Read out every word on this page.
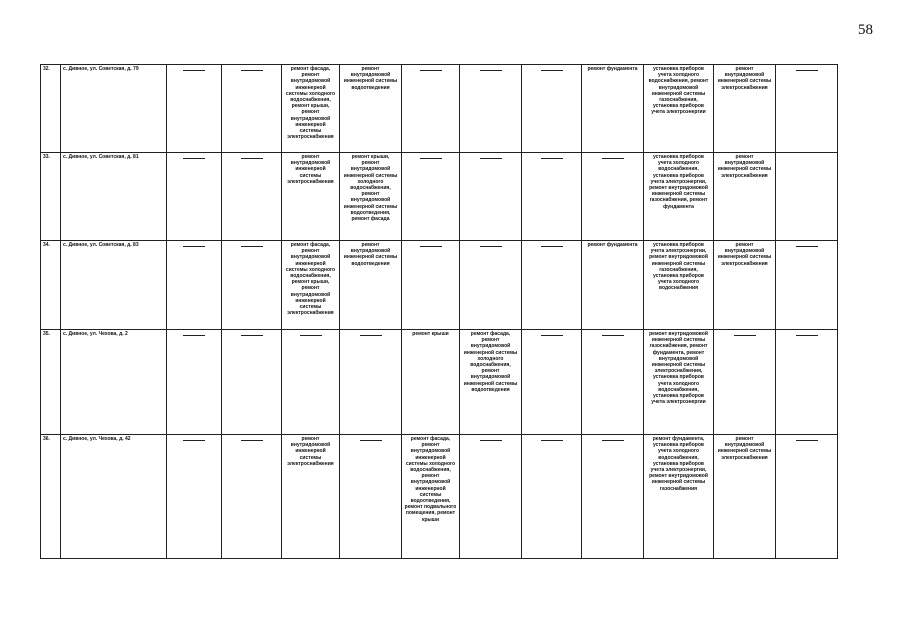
58
32.	с. Дивное, ул. Советская, д. 79			ремонт фасада, ремонт внутридомовой инженерной системы холодного водоснабжения, ремонт крыши, ремонт внутридомовой инженерной системы электроснабжения	ремонт внутридомовой инженерной системы водоотведения				ремонт фундамента	установка приборов учета холодного водоснабжения, ремонт внутридомовой инженерной системы газоснабжения, установка приборов учета электроэнергии	ремонт внутридомовой инженерной системы электроснабжения	

33.	с. Дивное, ул. Советская, д. 81			ремонт внутридомовой инженерной системы электроснабжения	ремонт крыши, ремонт внутридомовой инженерной системы холодного водоснабжения, ремонт внутридомовой инженерной системы водоотведения, ремонт фасада					установка приборов учета холодного водоснабжения, установка приборов учета электроэнергии, ремонт внутридомовой инженерной системы газоснабжения, ремонт фундамента	ремонт внутридомовой инженерной системы электроснабжения	
34.	с. Дивное, ул. Советская, д. 83			ремонт фасада, ремонт внутридомовой инженерной системы холодного водоснабжения, ремонт крыши, ремонт внутридомовой инженерной системы электроснабжения	ремонт внутридомовой инженерной системы водоотведения				ремонт фундамента	установка приборов учета электроэнергии, ремонт внутридомовой инженерной системы газоснабжения, установка приборов учета холодного водоснабжения	ремонт внутридомовой инженерной системы электроснабжения	

35.	с. Дивное, ул. Чехова, д. 2					ремонт крыши	ремонт фасада, ремонт внутридомовой инженерной системы холодного водоснабжения, ремонт внутридомовой инженерной системы водоотведения			ремонт внутридомовой инженерной системы газоснабжения, ремонт фундамента, ремонт внутридомовой инженерной системы электроснабжения, установка приборов учета холодного водоснабжения, установка приборов учета электроэнергии	

36.	с. Дивное, ул. Чехова, д. 42			ремонт внутридомовой инженерной системы электроснабжения		ремонт фасада, ремонт внутридомовой инженерной системы холодного водоснабжения, ремонт внутридомовой инженерной системы водоотведения, ремонт подвального помещения, ремонт крыши				ремонт фундамента, установка приборов учета холодного водоснабжения, установка приборов учета электроэнергии, ремонт внутридомовой инженерной системы газоснабжения	ремонт внутридомовой инженерной системы электроснабжения	
